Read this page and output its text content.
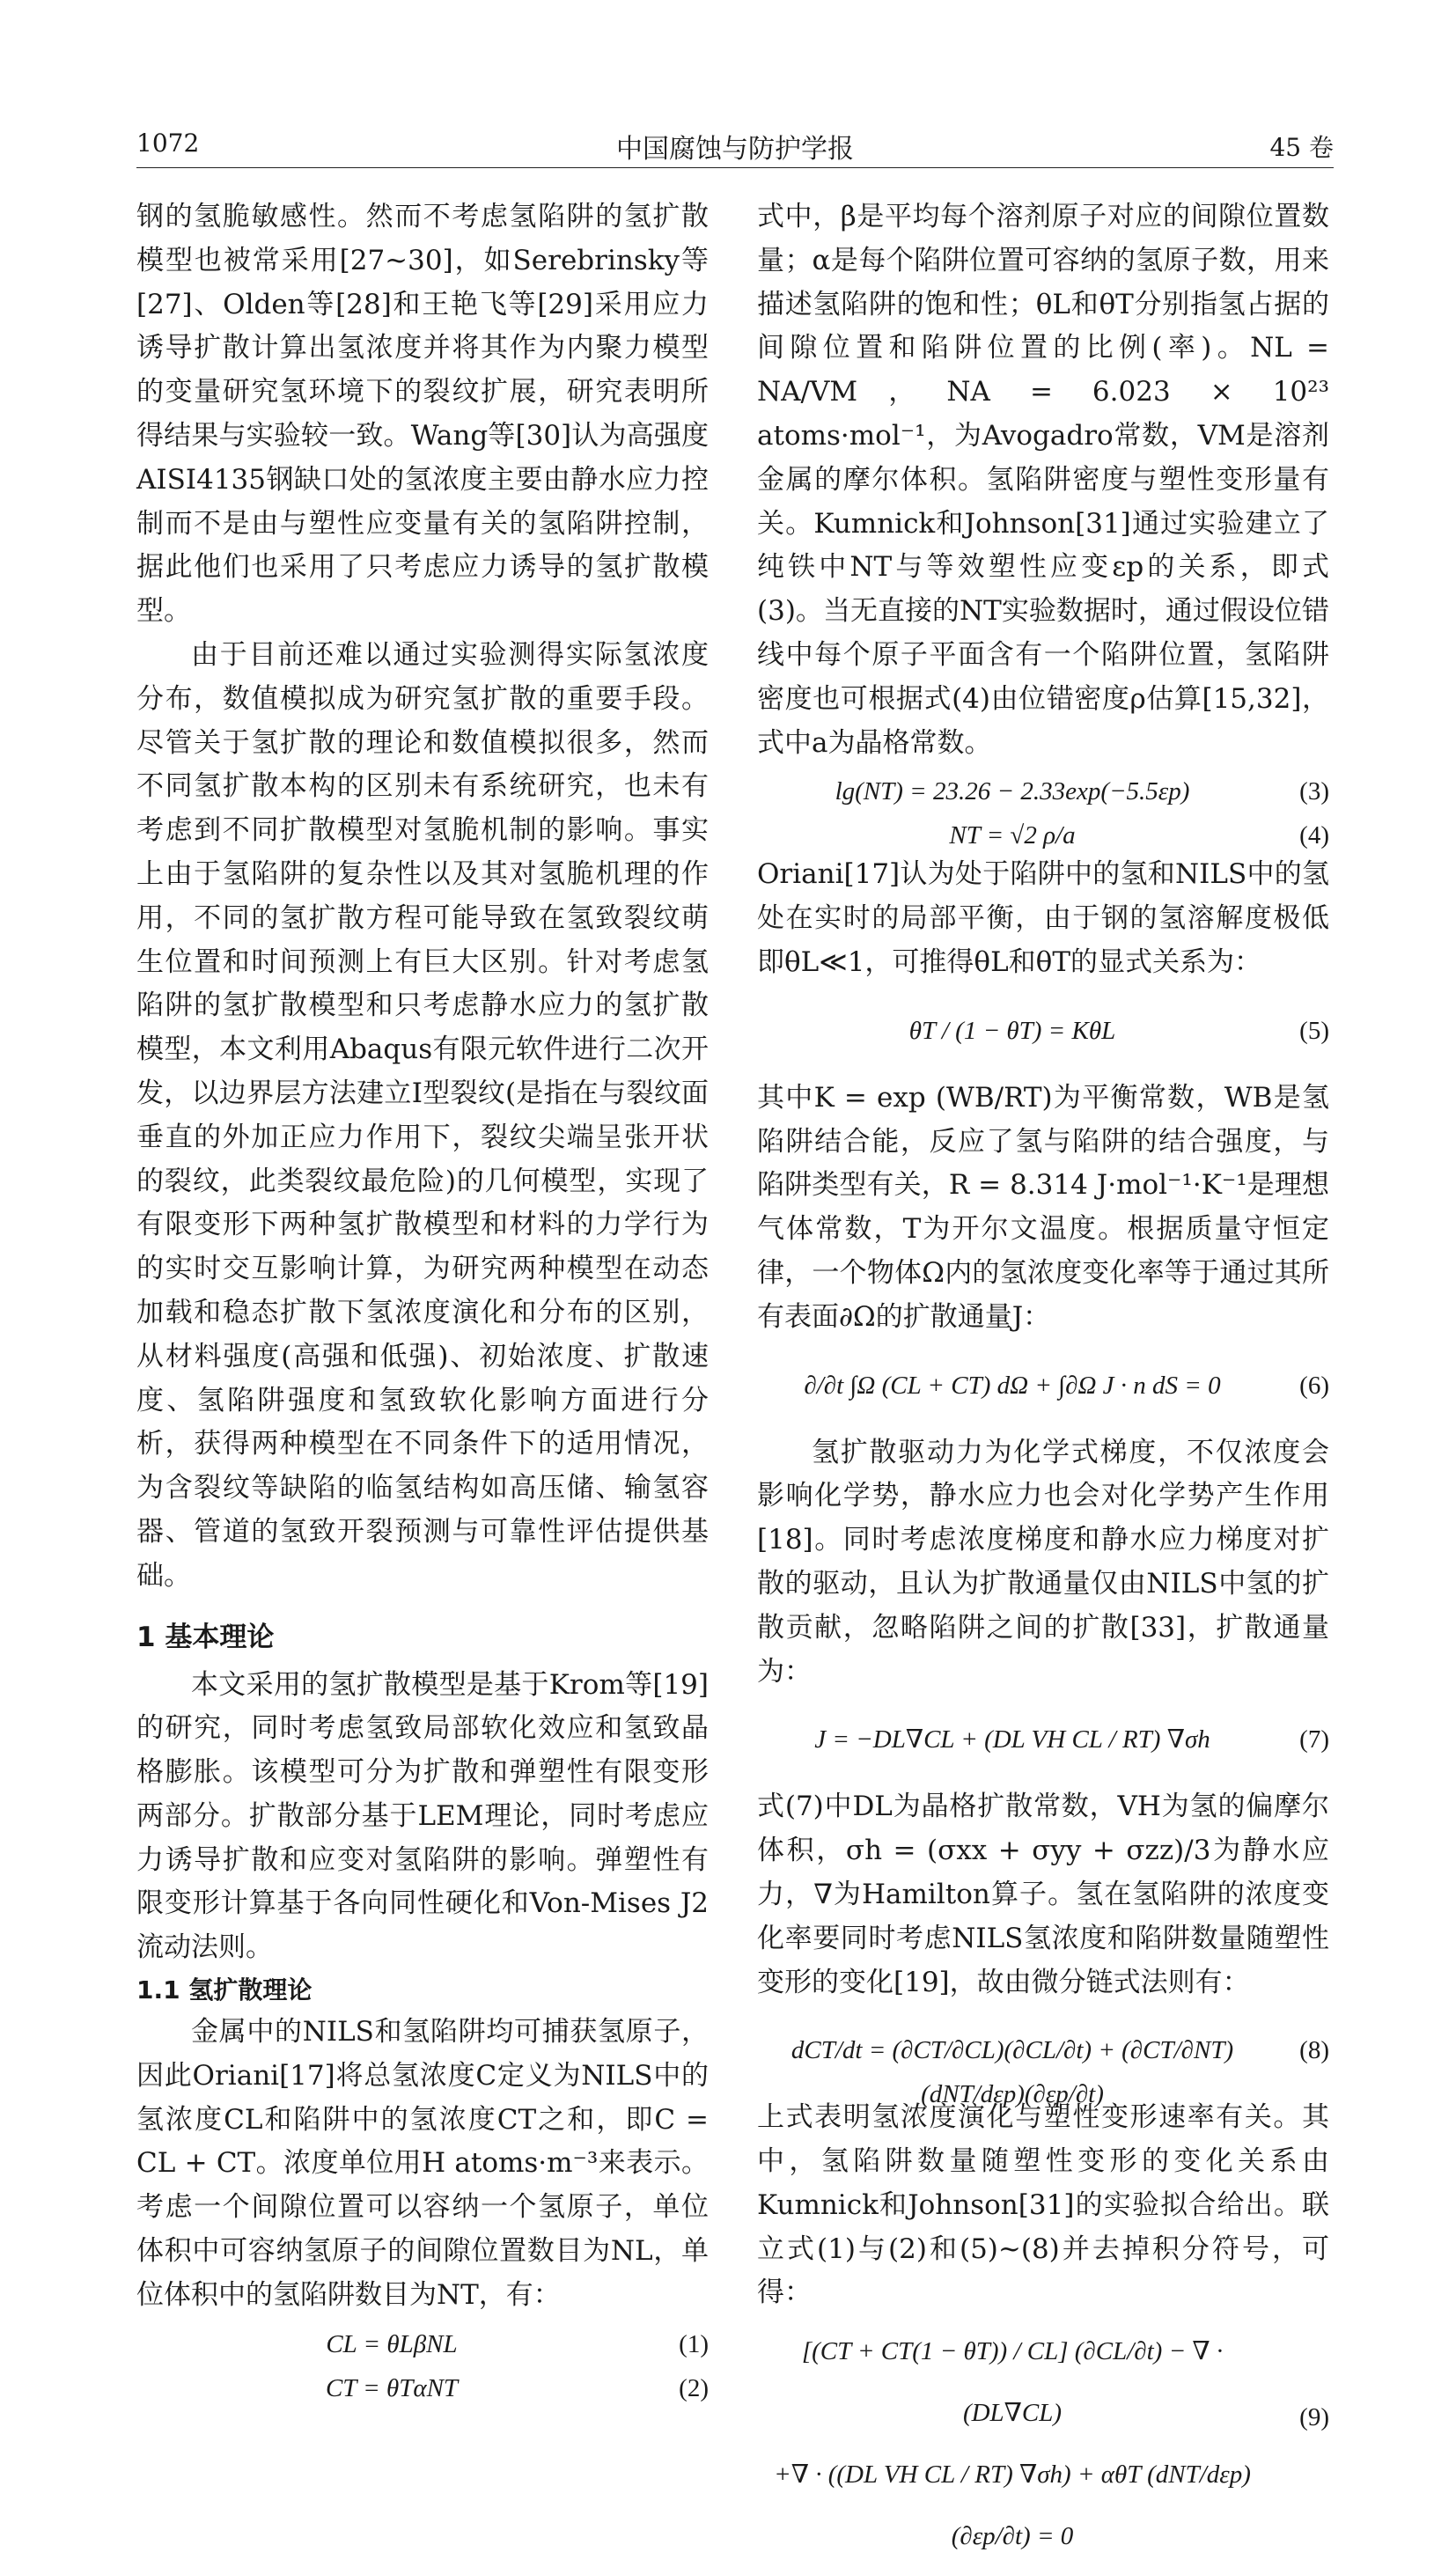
1072	中国腐蚀与防护学报	45 卷

钢的氢脆敏感性。然而不考虑氢陷阱的氢扩散模型也被常采用[27~30]，如Serebrinsky等[27]、Olden等[28]和王艳飞等[29]采用应力诱导扩散计算出氢浓度并将其作为内聚力模型的变量研究氢环境下的裂纹扩展，研究表明所得结果与实验较一致。Wang等[30]认为高强度AISI4135钢缺口处的氢浓度主要由静水应力控制而不是由与塑性应变量有关的氢陷阱控制，据此他们也采用了只考虑应力诱导的氢扩散模型。

由于目前还难以通过实验测得实际氢浓度分布，数值模拟成为研究氢扩散的重要手段。尽管关于氢扩散的理论和数值模拟很多，然而不同氢扩散本构的区别未有系统研究，也未有考虑到不同扩散模型对氢脆机制的影响。事实上由于氢陷阱的复杂性以及其对氢脆机理的作用，不同的氢扩散方程可能导致在氢致裂纹萌生位置和时间预测上有巨大区别。针对考虑氢陷阱的氢扩散模型和只考虑静水应力的氢扩散模型，本文利用Abaqus有限元软件进行二次开发，以边界层方法建立I型裂纹(是指在与裂纹面垂直的外加正应力作用下，裂纹尖端呈张开状的裂纹，此类裂纹最危险)的几何模型，实现了有限变形下两种氢扩散模型和材料的力学行为的实时交互影响计算，为研究两种模型在动态加载和稳态扩散下氢浓度演化和分布的区别，从材料强度(高强和低强)、初始浓度、扩散速度、氢陷阱强度和氢致软化影响方面进行分析，获得两种模型在不同条件下的适用情况，为含裂纹等缺陷的临氢结构如高压储、输氢容器、管道的氢致开裂预测与可靠性评估提供基础。

1 基本理论

本文采用的氢扩散模型是基于Krom等[19]的研究，同时考虑氢致局部软化效应和氢致晶格膨胀。该模型可分为扩散和弹塑性有限变形两部分。扩散部分基于LEM理论，同时考虑应力诱导扩散和应变对氢陷阱的影响。弹塑性有限变形计算基于各向同性硬化和Von-Mises J2流动法则。

1.1 氢扩散理论

金属中的NILS和氢陷阱均可捕获氢原子，因此Oriani[17]将总氢浓度C定义为NILS中的氢浓度CL和陷阱中的氢浓度CT之和，即C = CL + CT。浓度单位用H atoms·m⁻³来表示。考虑一个间隙位置可以容纳一个氢原子，单位体积中可容纳氢原子的间隙位置数目为NL，单位体积中的氢陷阱数目为NT，有：

CL = θLβNL	(1)
CT = θTαNT	(2)

式中，β是平均每个溶剂原子对应的间隙位置数量；α是每个陷阱位置可容纳的氢原子数，用来描述氢陷阱的饱和性；θL和θT分别指氢占据的间隙位置和陷阱位置的比例(率)。NL = NA/VM，NA = 6.023 × 10²³ atoms·mol⁻¹，为Avogadro常数，VM是溶剂金属的摩尔体积。氢陷阱密度与塑性变形量有关。Kumnick和Johnson[31]通过实验建立了纯铁中NT与等效塑性应变εp的关系，即式(3)。当无直接的NT实验数据时，通过假设位错线中每个原子平面含有一个陷阱位置，氢陷阱密度也可根据式(4)由位错密度ρ估算[15,32]，式中a为晶格常数。

lg(NT) = 23.26 − 2.33exp(−5.5εp)	(3)
NT = √2 ρ/a	(4)

Oriani[17]认为处于陷阱中的氢和NILS中的氢处在实时的局部平衡，由于钢的氢溶解度极低即θL≪1，可推得θL和θT的显式关系为：

θT / (1 − θT) = KθL	(5)

其中K = exp (WB/RT)为平衡常数，WB是氢陷阱结合能，反应了氢与陷阱的结合强度，与陷阱类型有关，R = 8.314 J·mol⁻¹·K⁻¹是理想气体常数，T为开尔文温度。根据质量守恒定律，一个物体Ω内的氢浓度变化率等于通过其所有表面∂Ω的扩散通量J：

∂/∂t ∫Ω (CL + CT) dΩ + ∫∂Ω J · n dS = 0	(6)

氢扩散驱动力为化学式梯度，不仅浓度会影响化学势，静水应力也会对化学势产生作用[18]。同时考虑浓度梯度和静水应力梯度对扩散的驱动，且认为扩散通量仅由NILS中氢的扩散贡献，忽略陷阱之间的扩散[33]，扩散通量为：

J = −DL∇CL + (DL VH CL / RT) ∇σh	(7)

式(7)中DL为晶格扩散常数，VH为氢的偏摩尔体积，σh = (σxx + σyy + σzz)/3为静水应力，∇为Hamilton算子。氢在氢陷阱的浓度变化率要同时考虑NILS氢浓度和陷阱数量随塑性变形的变化[19]，故由微分链式法则有：

dCT/dt = (∂CT/∂CL)(∂CL/∂t) + (∂CT/∂NT)(dNT/dεp)(∂εp/∂t)
(8)

上式表明氢浓度演化与塑性变形速率有关。其中，氢陷阱数量随塑性变形的变化关系由Kumnick和Johnson[31]的实验拟合给出。联立式(1)与(2)和(5)~(8)并去掉积分符号，可得：

[(CT + CT(1 − θT)) / CL] (∂CL/∂t) − ∇ · (DL∇CL)
+∇ · ((DL VH CL / RT) ∇σh) + αθT (dNT/dεp)(∂εp/∂t) = 0
(9)
